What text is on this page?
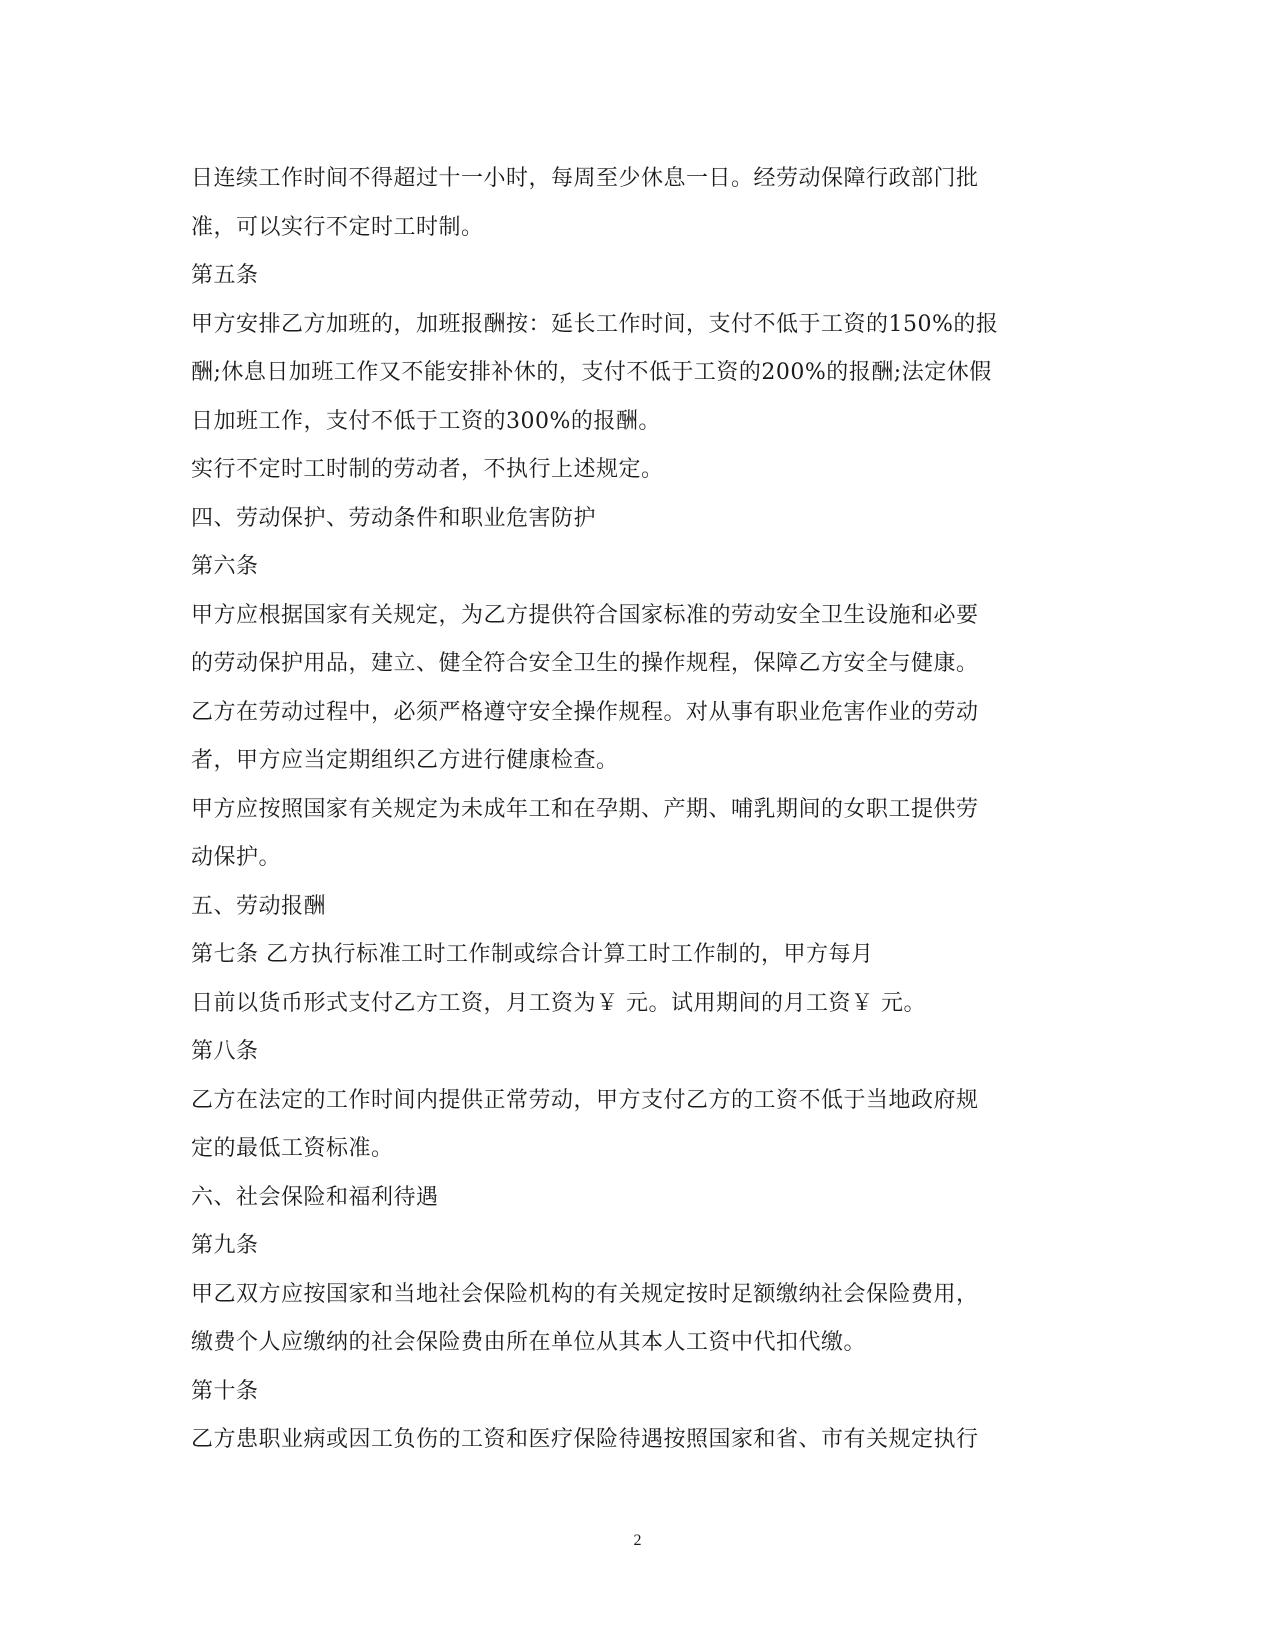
日连续工作时间不得超过十一小时，每周至少休息一日。经劳动保障行政部门批
准，可以实行不定时工时制。
第五条
甲方安排乙方加班的，加班报酬按：延长工作时间，支付不低于工资的150%的报
酬;休息日加班工作又不能安排补休的，支付不低于工资的200%的报酬;法定休假
日加班工作，支付不低于工资的300%的报酬。
实行不定时工时制的劳动者，不执行上述规定。
四、劳动保护、劳动条件和职业危害防护
第六条
甲方应根据国家有关规定，为乙方提供符合国家标准的劳动安全卫生设施和必要
的劳动保护用品，建立、健全符合安全卫生的操作规程，保障乙方安全与健康。
乙方在劳动过程中，必须严格遵守安全操作规程。对从事有职业危害作业的劳动
者，甲方应当定期组织乙方进行健康检查。
甲方应按照国家有关规定为未成年工和在孕期、产期、哺乳期间的女职工提供劳
动保护。
五、劳动报酬
第七条 乙方执行标准工时工作制或综合计算工时工作制的，甲方每月
日前以货币形式支付乙方工资，月工资为￥ 元。试用期间的月工资￥ 元。
第八条
乙方在法定的工作时间内提供正常劳动，甲方支付乙方的工资不低于当地政府规
定的最低工资标准。
六、社会保险和福利待遇
第九条
甲乙双方应按国家和当地社会保险机构的有关规定按时足额缴纳社会保险费用，
缴费个人应缴纳的社会保险费由所在单位从其本人工资中代扣代缴。
第十条
乙方患职业病或因工负伤的工资和医疗保险待遇按照国家和省、市有关规定执行
2
